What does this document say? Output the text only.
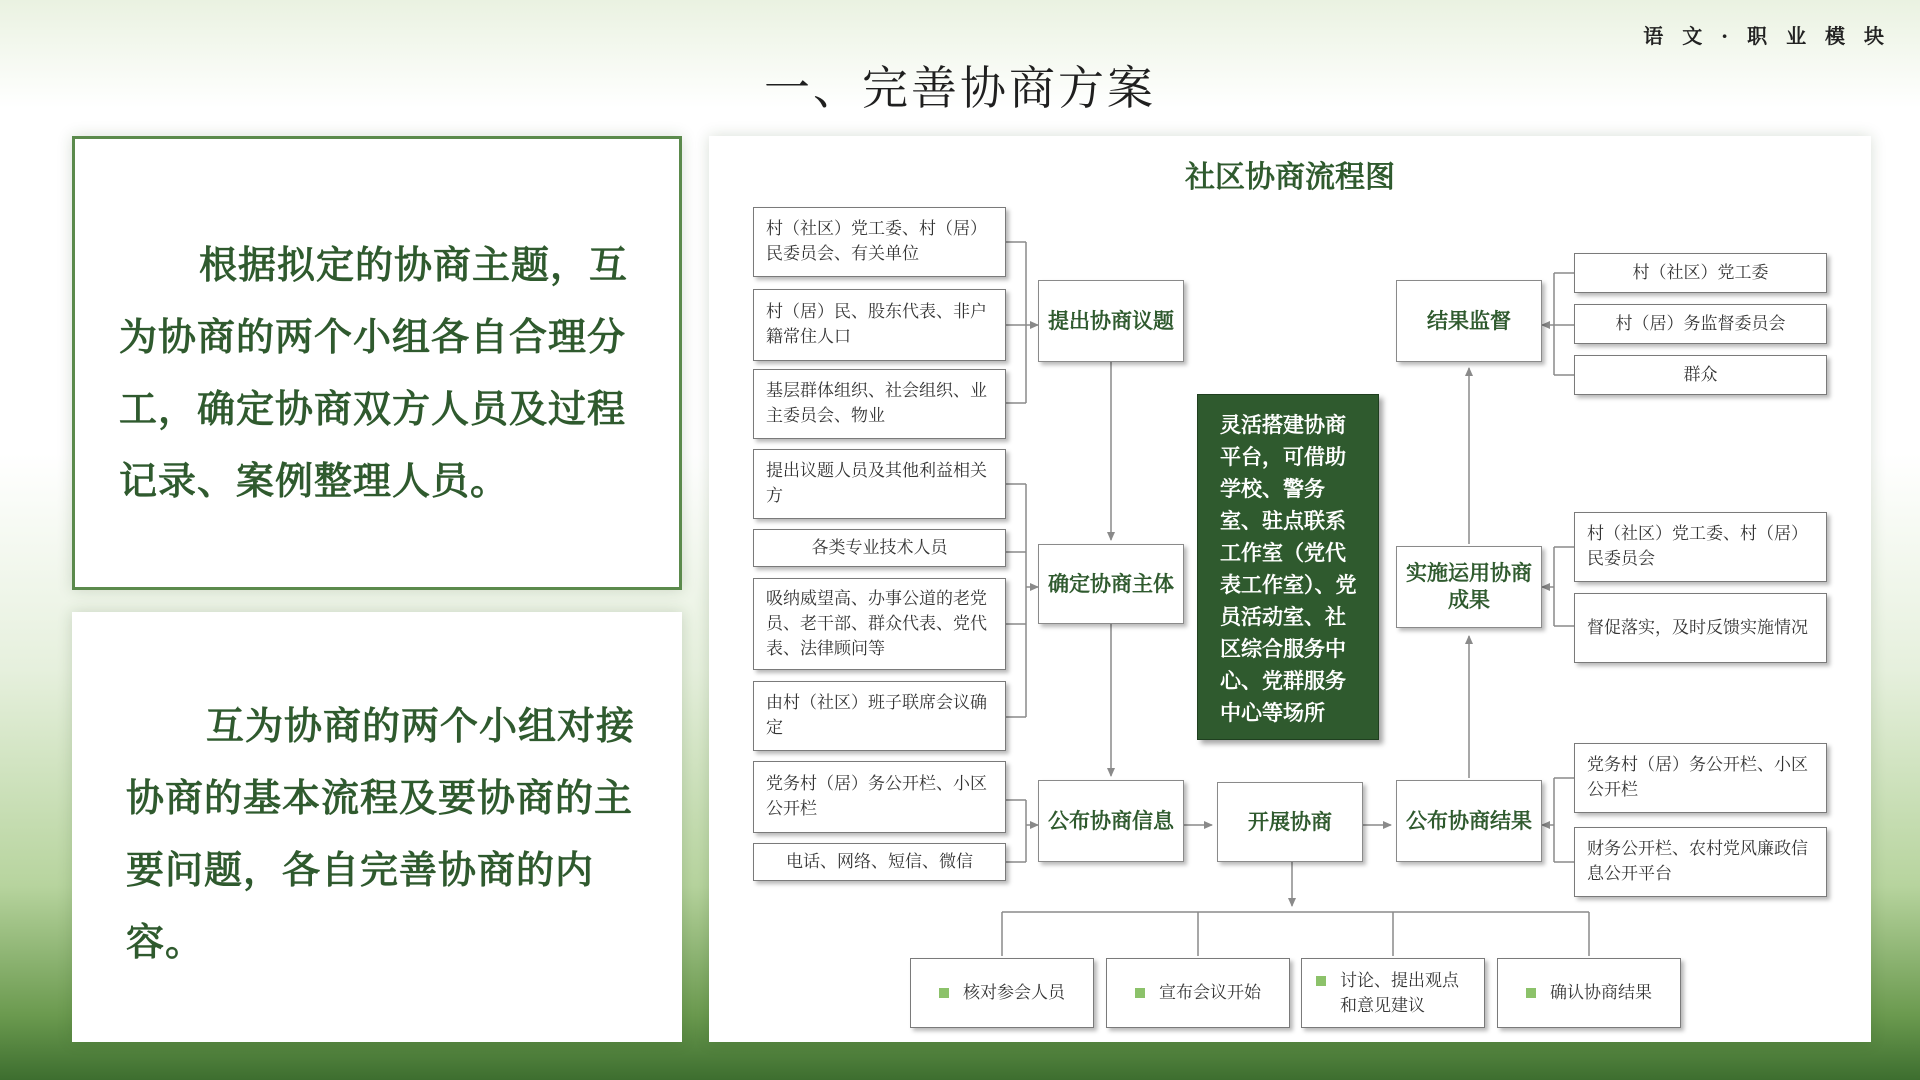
语 文 · 职 业 模 块
一、完善协商方案

根据拟定的协商主题，互为协商的两个小组各自合理分工，确定协商双方人员及过程记录、案例整理人员。

互为协商的两个小组对接协商的基本流程及要协商的主要问题，各自完善协商的内容。

社区协商流程图
村（社区）党工委、村（居）民委员会、有关单位
村（居）民、股东代表、非户籍常住人口
基层群体组织、社会组织、业主委员会、物业
提出议题人员及其他利益相关方
各类专业技术人员
吸纳威望高、办事公道的老党员、老干部、群众代表、党代表、法律顾问等
由村（社区）班子联席会议确定
党务村（居）务公开栏、小区公开栏
电话、网络、短信、微信
提出协商议题
确定协商主体
公布协商信息	开展协商	公布协商结果
实施运用协商成果
结果监督
灵活搭建协商平台，可借助学校、警务室、驻点联系工作室（党代表工作室）、党员活动室、社区综合服务中心、党群服务中心等场所
村（社区）党工委
村（居）务监督委员会
群众
村（社区）党工委、村（居）民委员会
督促落实，及时反馈实施情况
党务村（居）务公开栏、小区公开栏
财务公开栏、农村党风廉政信息公开平台
核对参会人员	宣布会议开始
讨论、提出观点和意见建议
确认协商结果
